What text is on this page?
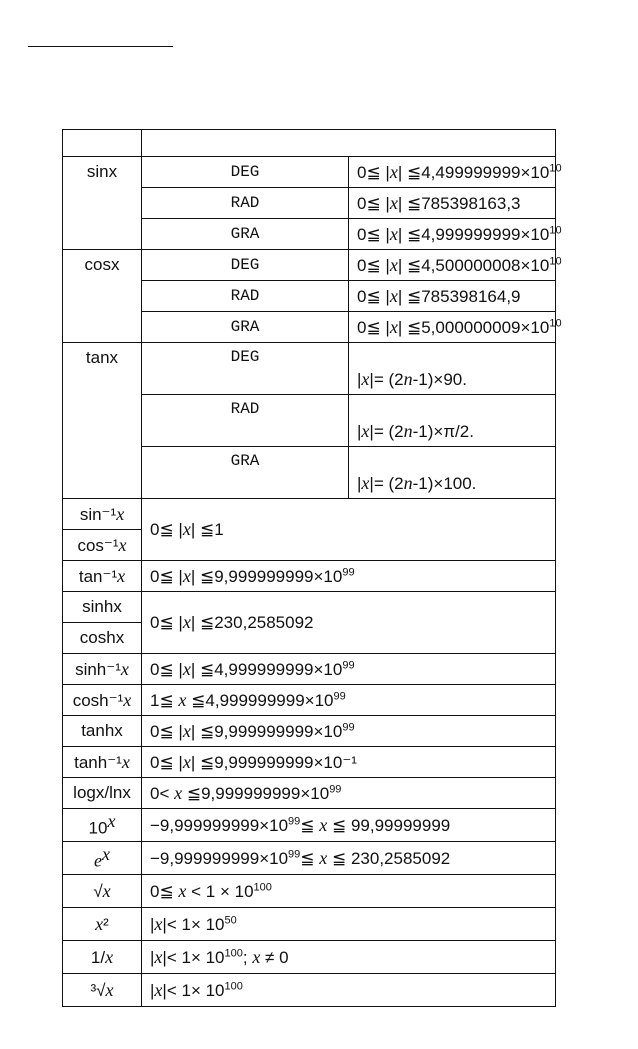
sinx	DEG	0≦ |x| $≦4,499999999\times 10^{10}$
	RAD	0≦ |x| ≦785398163,3
	GRA	0≦ |x| $≦4,999999999\times 10^{10}$
cosx	DEG	0≦ |x| $≦4,500000008\times 10^{10}$
	RAD	0≦ |x| ≦785398164,9
	GRA	0≦ |x| $≦5,000000009\times 10^{10}$
tanx	DEG	|x|= (2n-1)×90.
	RAD	|x|= (2n-1)×π/2.
	GRA	|x|= (2n-1)×100.
sin⁻¹x	0≦ |x| ≦1	
cos⁻¹x		
tan⁻¹x	0≦ |x| $≦9,999999999\times 10^{99}$
sinhx	0≦ |x| ≦230,2585092	
coshx		
sinh⁻¹x	0≦ |x| $≦4,999999999\times 10^{99}$
cosh⁻¹x	1≦ x $≦4,999999999\times 10^{99}$
tanhx	0≦ |x| $≦9,999999999\times 10^{99}$
tanh⁻¹x	0≦ |x| ≦9,999999999×10⁻¹	
logx/lnx	0< x $≦9,999999999\times 10^{99}$
$10^x$	$-9,999999999\times 10^{99}≦$ x ≦ 99,99999999	
$e^x$	$-9,999999999\times 10^{99}≦$ x ≦ 230,2585092	
√x	0≦ $x < 1 \times 10^{100}$
x²	$|x|< 1\times 10^{50}$
1/x	$|x|< 1\times 10^{100}$; x ≠ 0	
³√x	$|x|< 1\times 10^{100}$
